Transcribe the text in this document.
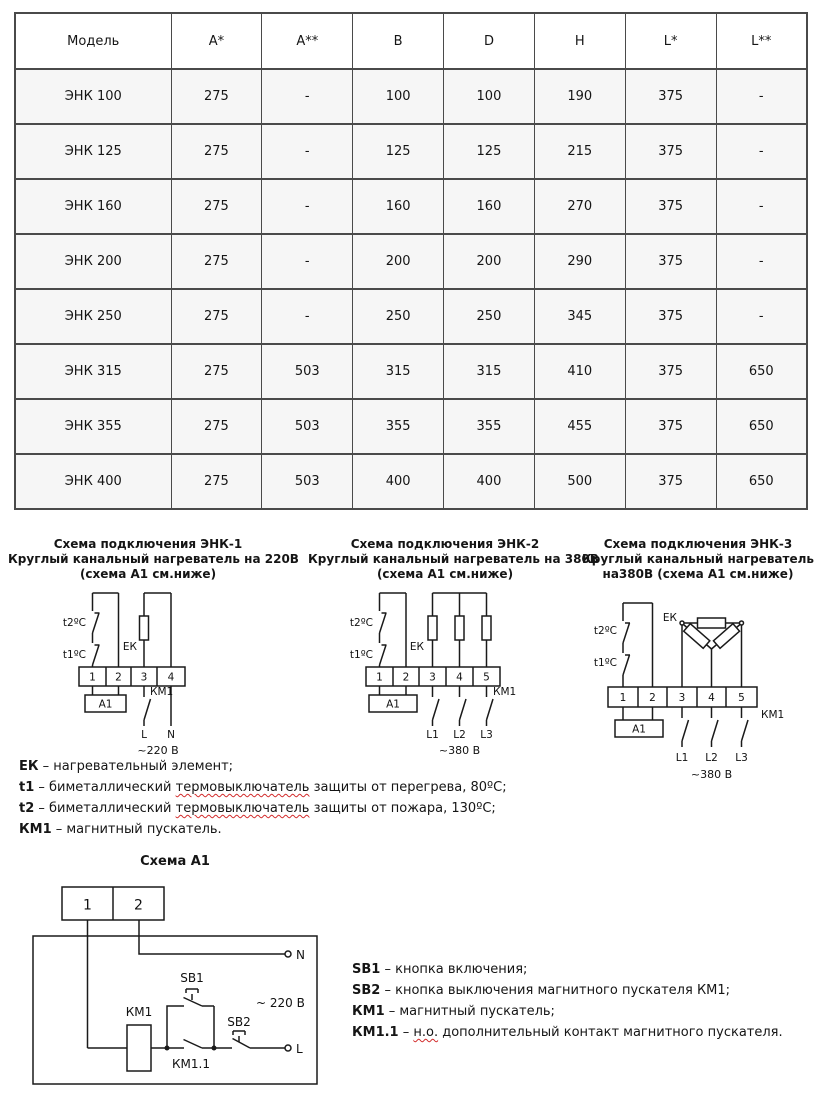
Модель	A*	A**	B	D	H	L*	L**
ЭНК 100	275	-	100	100	190	375	-
ЭНК 125	275	-	125	125	215	375	-
ЭНК 160	275	-	160	160	270	375	-
ЭНК 200	275	-	200	200	290	375	-
ЭНК 250	275	-	250	250	345	375	-
ЭНК 315	275	503	315	315	410	375	650
ЭНК 355	275	503	355	355	455	375	650
ЭНК 400	275	503	400	400	500	375	650
Схема подключения ЭНК-1
Круглый канальный нагреватель на 220В
(схема А1 см.ниже)
t2ºС
t1ºС
ЕК
1 2 3 4
А1
КМ1
L N
~220 В
Схема подключения ЭНК-2
Круглый канальный нагреватель на 380В
(схема А1 см.ниже)
t2ºС
t1ºС
ЕК
1 2 3 4 5
А1
КМ1
L1 L2 L3
~380 В
Схема подключения ЭНК-3
Круглый канальный нагреватель
на380В (схема А1 см.ниже)
t2ºС
t1ºС
ЕК
1 2 3 4 5
А1
КМ1
L1 L2 L3
~380 В
ЕК – нагревательный элемент;
t1 – биметаллический термовыключатель защиты от перегрева, 80ºС;
t2 – биметаллический термовыключатель защиты от пожара, 130ºС;
КМ1 – магнитный пускатель.
Схема А1
1	2
N
L
КМ1
SB1
SB2
КМ1.1
~ 220 В
SB1 – кнопка включения;
SB2 – кнопка выключения магнитного пускателя КМ1;
КМ1 – магнитный пускатель;
КМ1.1 – н.о. дополнительный контакт магнитного пускателя.
